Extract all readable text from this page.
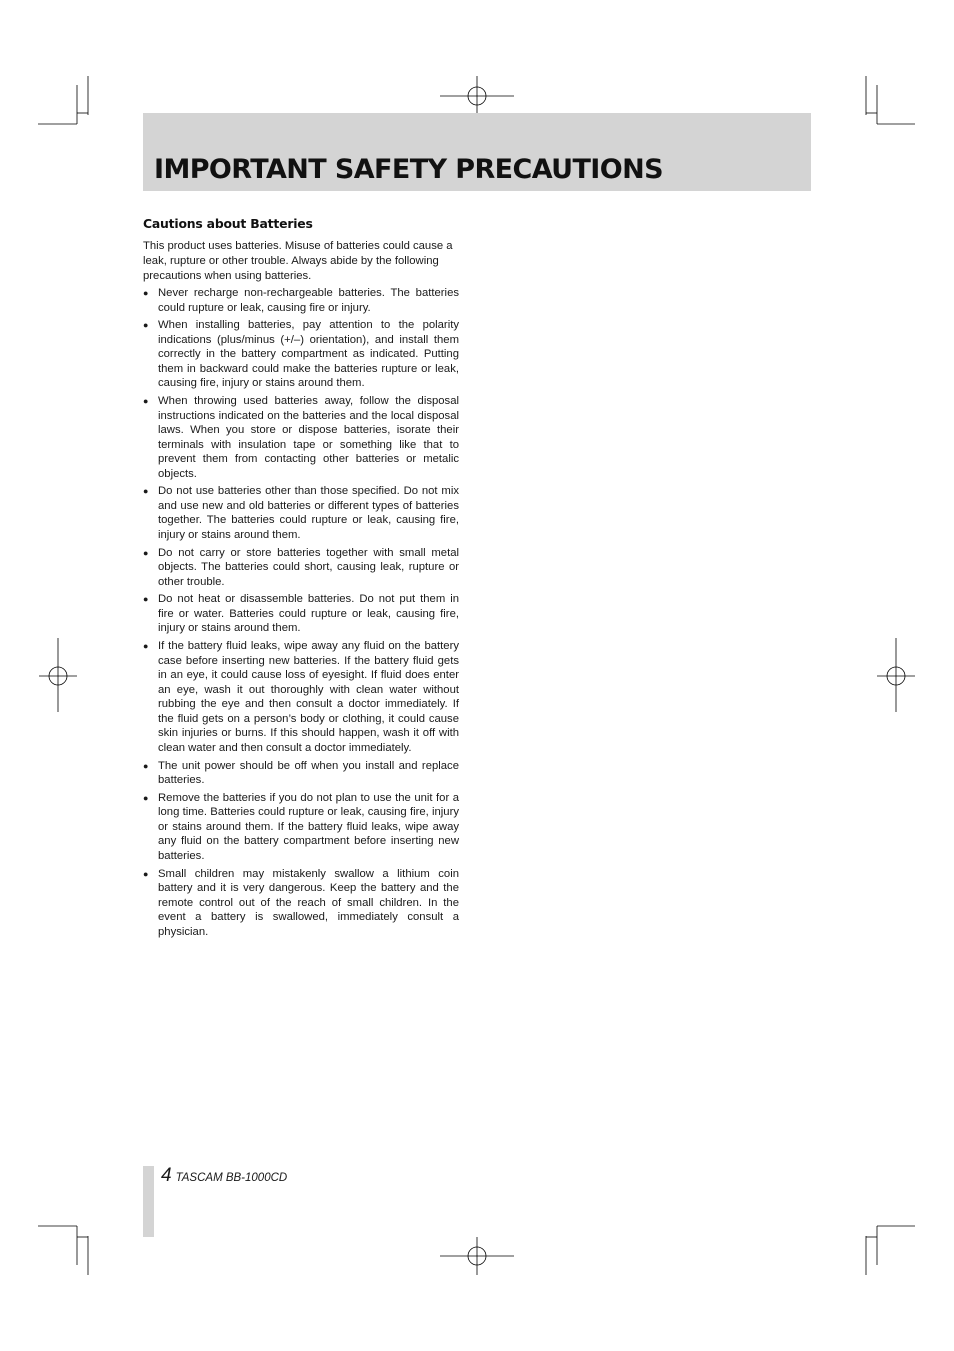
IMPORTANT SAFETY PRECAUTIONS
Cautions about Batteries

This product uses batteries. Misuse of batteries could cause a leak, rupture or other trouble. Always abide by the following precautions when using batteries.

● Never recharge non-rechargeable batteries. The batteries could rupture or leak, causing fire or injury.
● When installing batteries, pay attention to the polarity indications (plus/minus (+/–) orientation), and install them correctly in the battery compartment as indicated. Putting them in backward could make the batteries rupture or leak, causing fire, injury or stains around them.
● When throwing used batteries away, follow the disposal instructions indicated on the batteries and the local disposal laws. When you store or dispose batteries, isorate their terminals with insulation tape or something like that to prevent them from contacting other batteries or metalic objects.
● Do not use batteries other than those specified. Do not mix and use new and old batteries or different types of batteries together. The batteries could rupture or leak, causing fire, injury or stains around them.
● Do not carry or store batteries together with small metal objects. The batteries could short, causing leak, rupture or other trouble.
● Do not heat or disassemble batteries. Do not put them in fire or water. Batteries could rupture or leak, causing fire, injury or stains around them.
● If the battery fluid leaks, wipe away any fluid on the battery case before inserting new batteries. If the battery fluid gets in an eye, it could cause loss of eyesight. If fluid does enter an eye, wash it out thoroughly with clean water without rubbing the eye and then consult a doctor immediately. If the fluid gets on a person’s body or clothing, it could cause skin injuries or burns. If this should happen, wash it off with clean water and then consult a doctor immediately.
● The unit power should be off when you install and replace batteries.
● Remove the batteries if you do not plan to use the unit for a long time. Batteries could rupture or leak, causing fire, injury or stains around them. If the battery fluid leaks, wipe away any fluid on the battery compartment before inserting new batteries.
● Small children may mistakenly swallow a lithium coin battery and it is very dangerous. Keep the battery and the remote control out of the reach of small children. In the event a battery is swallowed, immediately consult a physician.
4 TASCAM BB-1000CD
